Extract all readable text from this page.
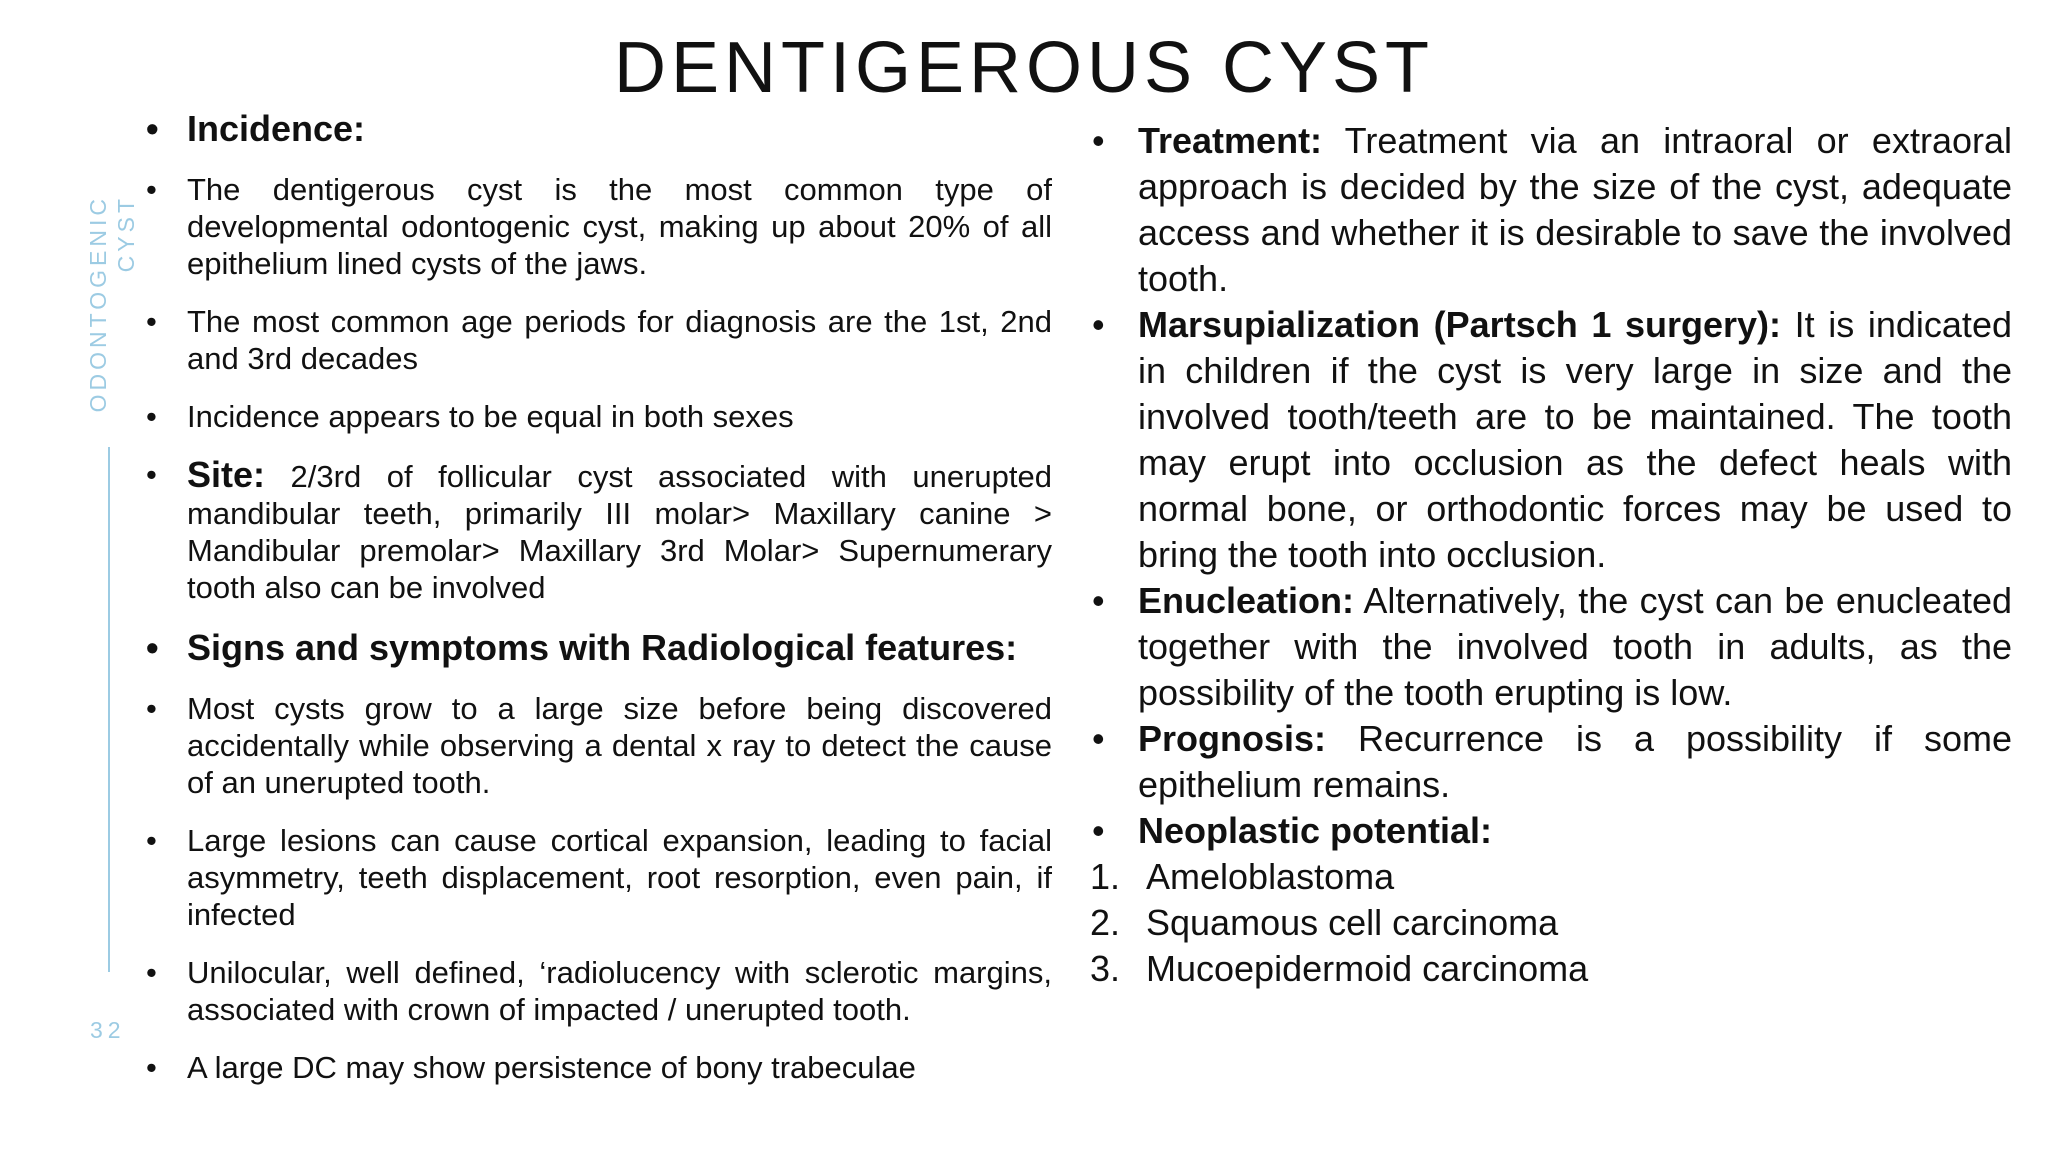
DENTIGEROUS CYST
ODONTOGENIC CYST
32
• Incidence:
• The dentigerous cyst is the most common type of developmental odontogenic cyst, making up about 20% of all epithelium lined cysts of the jaws.
• The most common age periods for diagnosis are the 1st, 2nd and 3rd decades
• Incidence appears to be equal in both sexes
• Site: 2/3rd of follicular cyst associated with unerupted mandibular teeth, primarily III molar> Maxillary canine > Mandibular premolar> Maxillary 3rd Molar> Supernumerary tooth also can be involved
• Signs and symptoms with Radiological features:
• Most cysts grow to a large size before being discovered accidentally while observing a dental x ray to detect the cause of an unerupted tooth.
• Large lesions can cause cortical expansion, leading to facial asymmetry, teeth displacement, root resorption, even pain, if infected
• Unilocular, well defined, ‘radiolucency with sclerotic margins, associated with crown of impacted / unerupted tooth.
• A large DC may show persistence of bony trabeculae
• Treatment: Treatment via an intraoral or extraoral approach is decided by the size of the cyst, adequate access and whether it is desirable to save the involved tooth.
• Marsupialization (Partsch 1 surgery): It is indicated in children if the cyst is very large in size and the involved tooth/teeth are to be maintained. The tooth may erupt into occlusion as the defect heals with normal bone, or orthodontic forces may be used to bring the tooth into occlusion.
• Enucleation: Alternatively, the cyst can be enucleated together with the involved tooth in adults, as the possibility of the tooth erupting is low.
• Prognosis: Recurrence is a possibility if some epithelium remains.
• Neoplastic potential:
1. Ameloblastoma
2. Squamous cell carcinoma
3. Mucoepidermoid carcinoma
